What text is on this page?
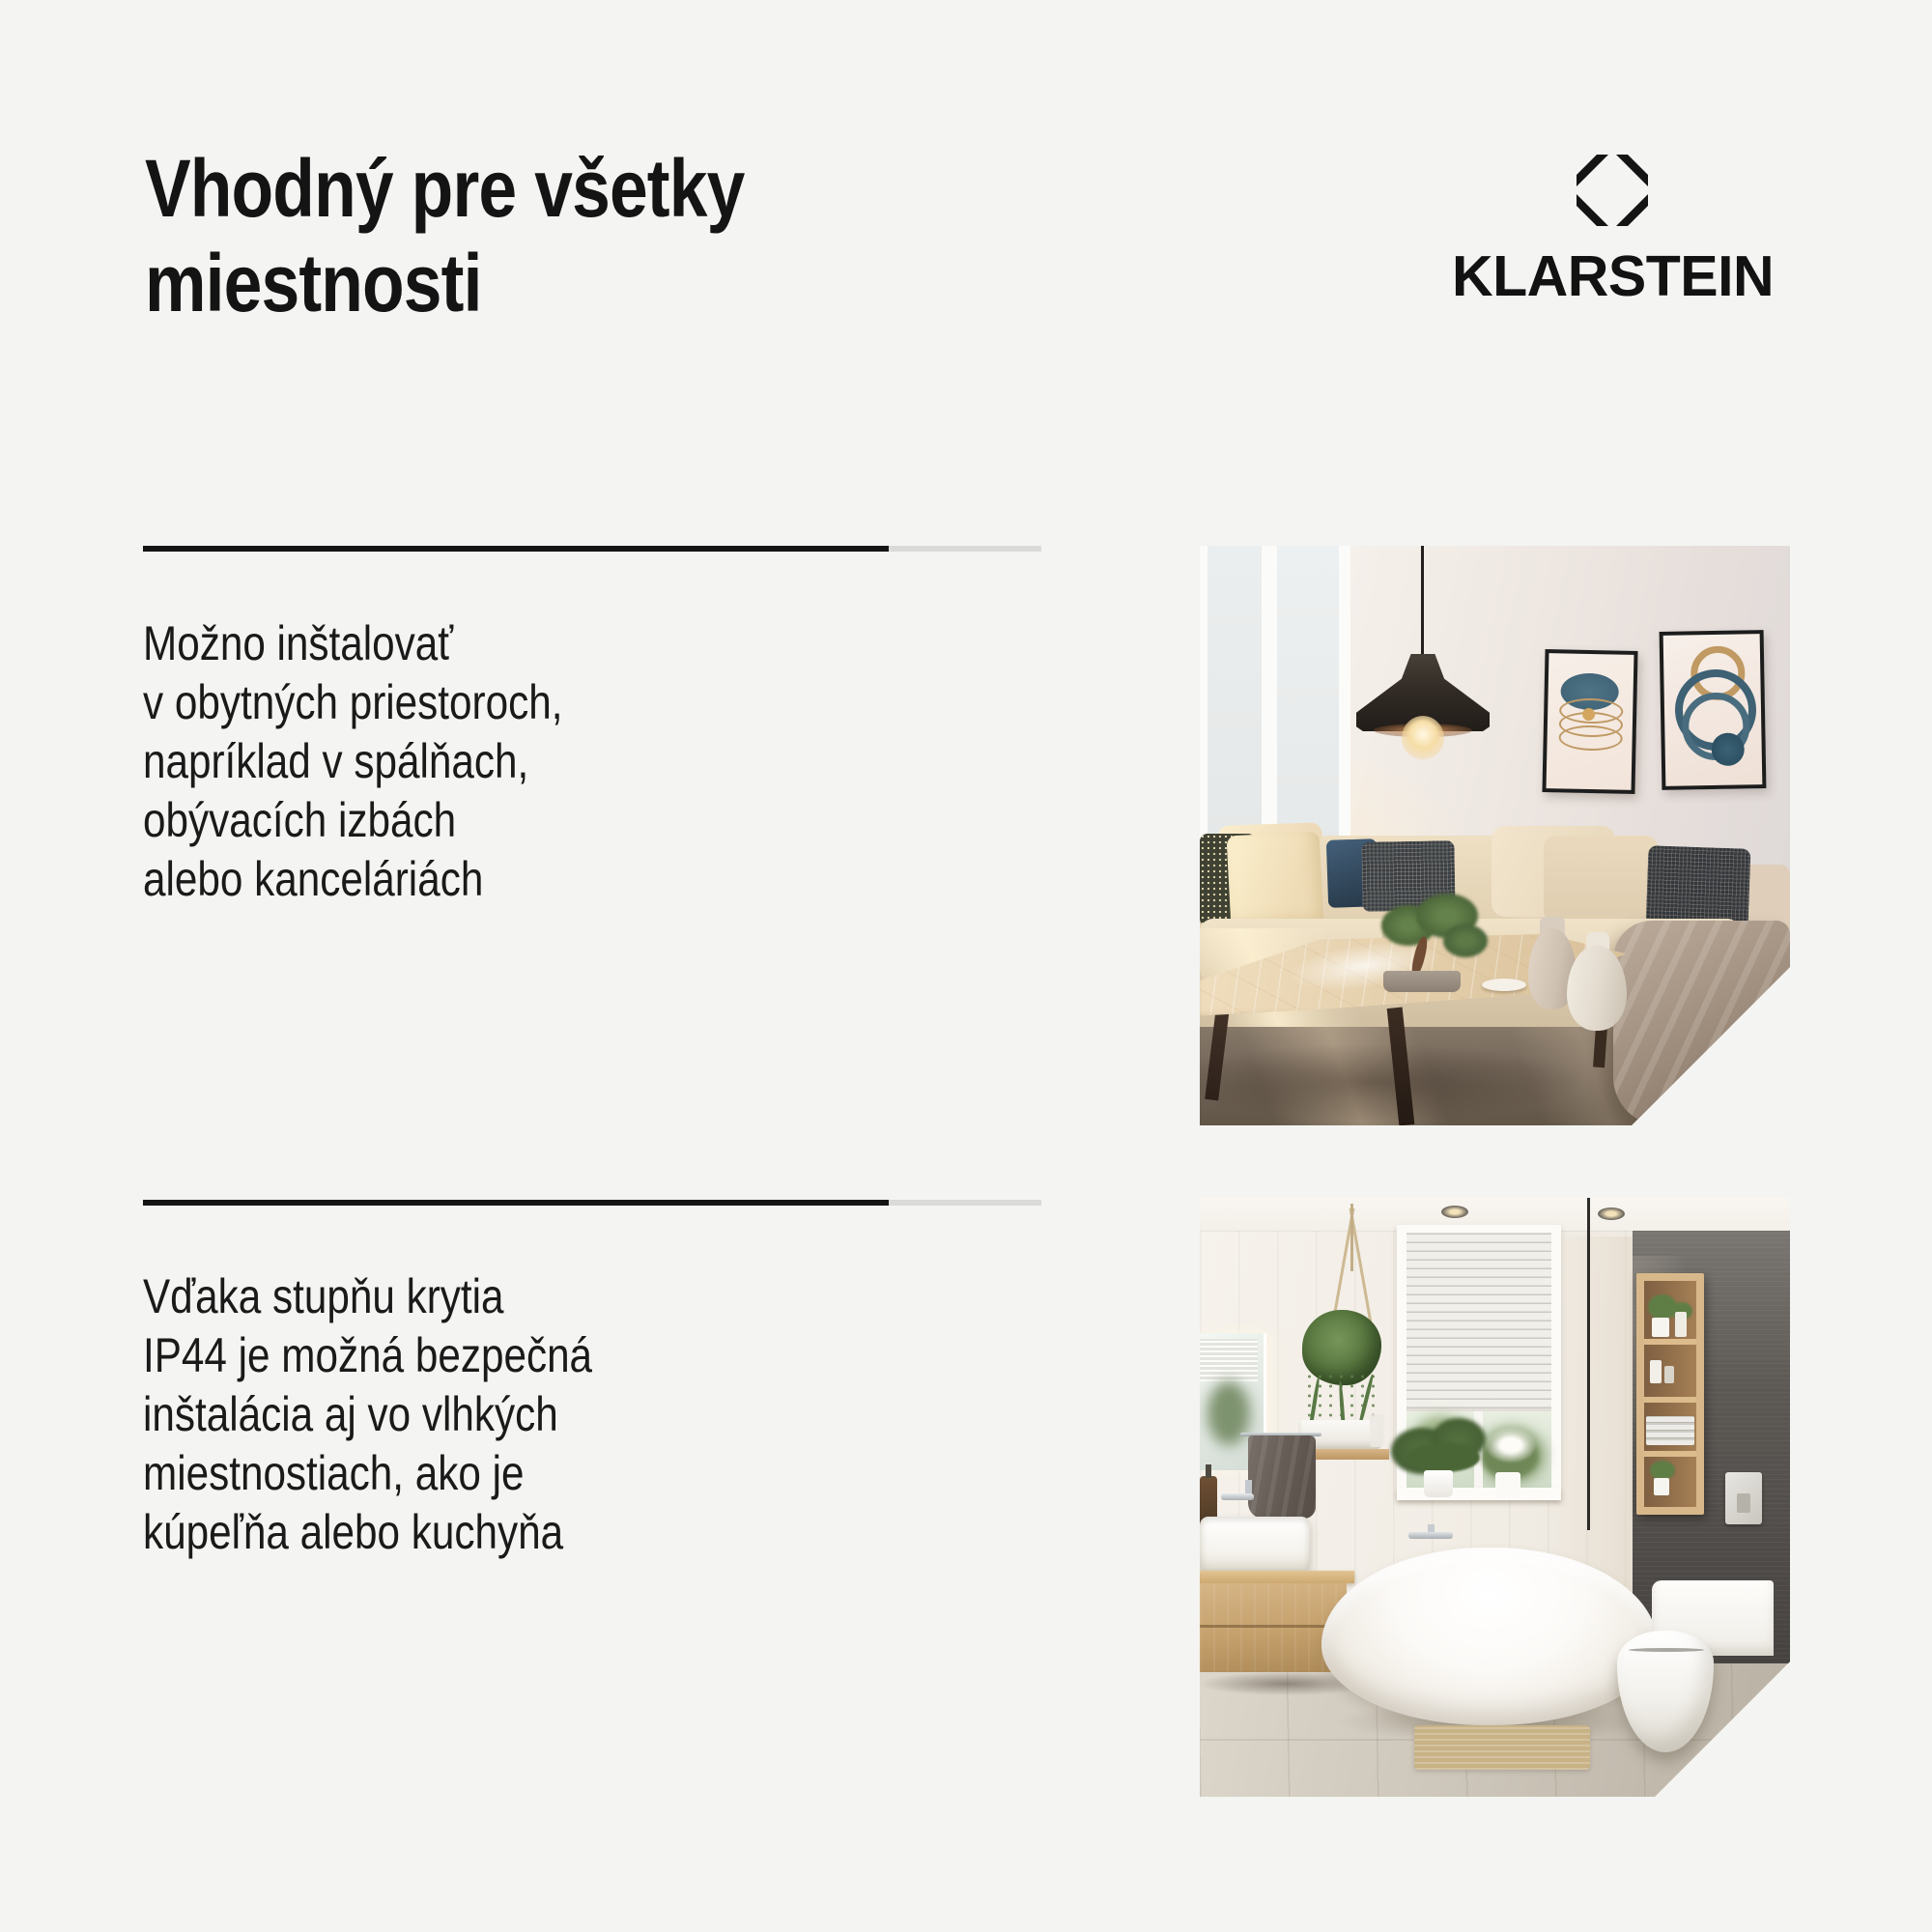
Vhodný pre všetky
miestnosti	KLARSTEIN
Možno inštalovať
v obytných priestoroch,
napríklad v spálňach,
obývacích izbách
alebo kanceláriách
Vďaka stupňu krytia
IP44 je možná bezpečná
inštalácia aj vo vlhkých
miestnostiach, ako je
kúpeľňa alebo kuchyňa
